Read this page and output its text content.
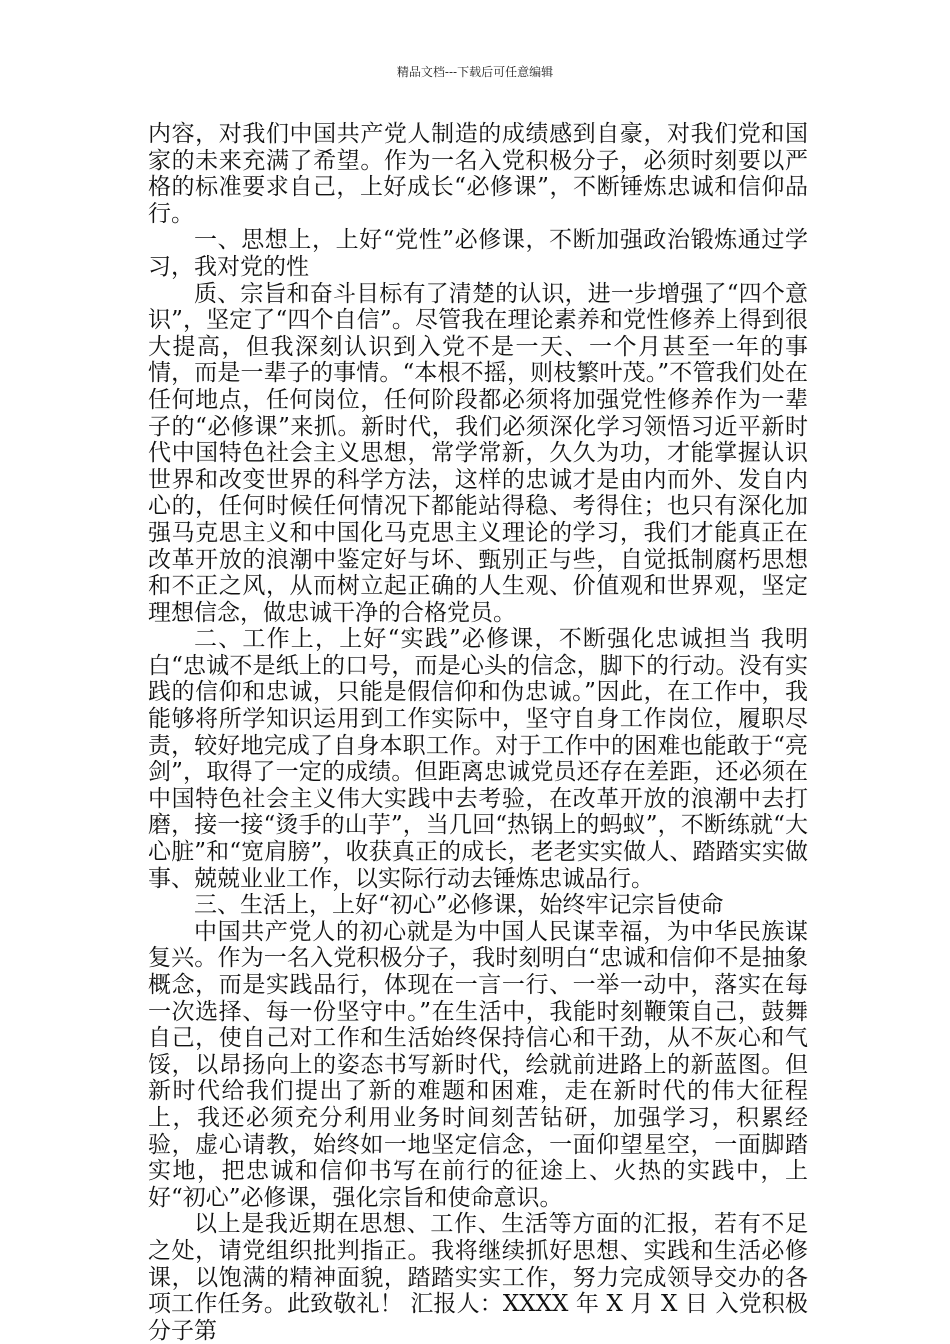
精品文档---下载后可任意编辑

内容，对我们中国共产党人制造的成绩感到自豪，对我们党和国家的未来充满了希望。作为一名入党积极分子，必须时刻要以严格的标准要求自己，上好成长“必修课”，不断锤炼忠诚和信仰品行。

一、思想上，上好“党性”必修课，不断加强政治锻炼通过学习，我对党的性

质、宗旨和奋斗目标有了清楚的认识，进一步增强了“四个意识”，坚定了“四个自信”。尽管我在理论素养和党性修养上得到很大提高，但我深刻认识到入党不是一天、一个月甚至一年的事情，而是一辈子的事情。“本根不摇，则枝繁叶茂。”不管我们处在任何地点，任何岗位，任何阶段都必须将加强党性修养作为一辈子的“必修课”来抓。新时代，我们必须深化学习领悟习近平新时代中国特色社会主义思想，常学常新，久久为功，才能掌握认识世界和改变世界的科学方法，这样的忠诚才是由内而外、发自内心的，任何时候任何情况下都能站得稳、考得住；也只有深化加强马克思主义和中国化马克思主义理论的学习，我们才能真正在改革开放的浪潮中鉴定好与坏、甄别正与些，自觉抵制腐朽思想和不正之风，从而树立起正确的人生观、价值观和世界观，坚定理想信念，做忠诚干净的合格党员。

二、工作上，上好“实践”必修课，不断强化忠诚担当 我明白“忠诚不是纸上的口号，而是心头的信念，脚下的行动。没有实践的信仰和忠诚，只能是假信仰和伪忠诚。”因此，在工作中，我能够将所学知识运用到工作实际中，坚守自身工作岗位，履职尽责，较好地完成了自身本职工作。对于工作中的困难也能敢于“亮剑”，取得了一定的成绩。但距离忠诚党员还存在差距，还必须在中国特色社会主义伟大实践中去考验，在改革开放的浪潮中去打磨，接一接“烫手的山芋”，当几回“热锅上的蚂蚁”，不断练就“大心脏”和“宽肩膀”，收获真正的成长，老老实实做人、踏踏实实做事、兢兢业业工作，以实际行动去锤炼忠诚品行。

三、生活上，上好“初心”必修课，始终牢记宗旨使命

中国共产党人的初心就是为中国人民谋幸福，为中华民族谋复兴。作为一名入党积极分子，我时刻明白“忠诚和信仰不是抽象概念，而是实践品行，体现在一言一行、一举一动中，落实在每一次选择、每一份坚守中。”在生活中，我能时刻鞭策自己，鼓舞自己，使自己对工作和生活始终保持信心和干劲，从不灰心和气馁，以昂扬向上的姿态书写新时代，绘就前进路上的新蓝图。但新时代给我们提出了新的难题和困难，走在新时代的伟大征程上，我还必须充分利用业务时间刻苦钻研，加强学习，积累经验，虚心请教，始终如一地坚定信念，一面仰望星空，一面脚踏实地，把忠诚和信仰书写在前行的征途上、火热的实践中，上好“初心”必修课，强化宗旨和使命意识。

以上是我近期在思想、工作、生活等方面的汇报，若有不足之处，请党组织批判指正。我将继续抓好思想、实践和生活必修课，以饱满的精神面貌，踏踏实实工作，努力完成领导交办的各项工作任务。此致敬礼！ 汇报人：XXXX 年 X 月 X 日 入党积极分子第
